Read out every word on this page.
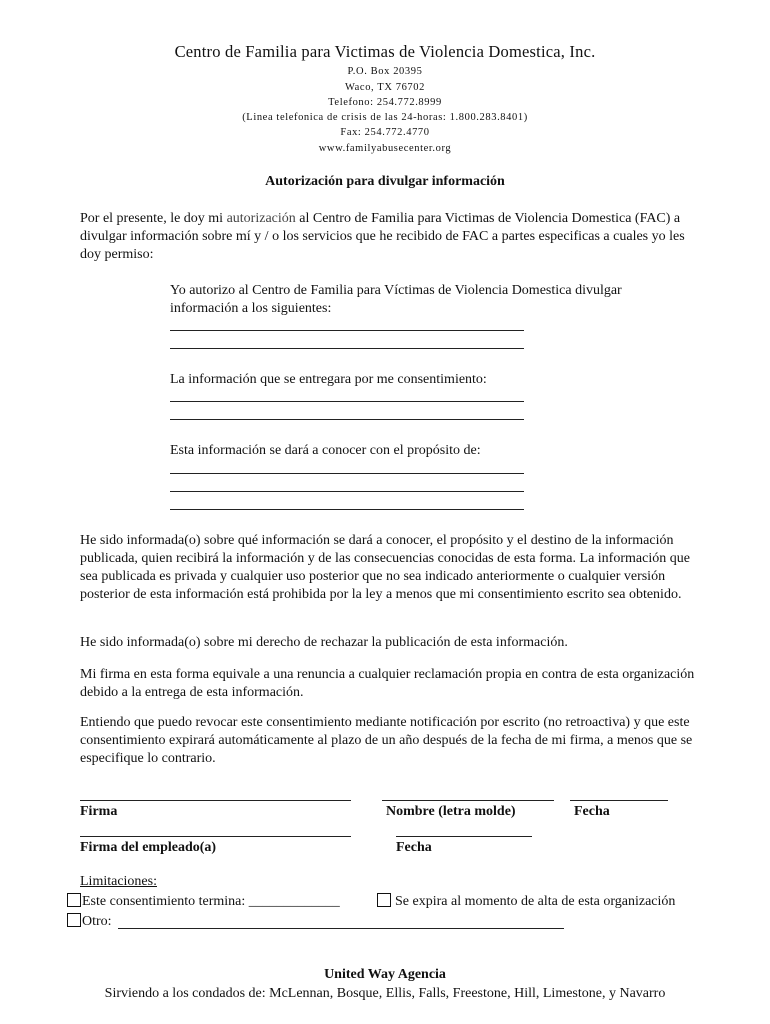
Centro de Familia para Victimas de Violencia Domestica, Inc.
P.O. Box 20395
Waco, TX 76702
Telefono: 254.772.8999
(Linea telefonica de crisis de las 24-horas: 1.800.283.8401)
Fax: 254.772.4770
www.familyabusecenter.org
Autorización para divulgar información
Por el presente, le doy mi autorización al Centro de Familia para Victimas de Violencia Domestica (FAC) a divulgar información sobre mí y / o los servicios que he recibido de FAC a partes especificas a cuales yo les doy permiso:
Yo autorizo al Centro de Familia para Víctimas de Violencia Domestica divulgar información a los siguientes:
La información que se entregara por me consentimiento:
Esta información se dará a conocer con el propósito de:
He sido informada(o) sobre qué información se dará a conocer, el propósito y el destino de la información publicada, quien recibirá la información y de las consecuencias conocidas de esta forma. La información que sea publicada es privada y cualquier uso posterior que no sea indicado anteriormente o cualquier versión posterior de esta información está prohibida por la ley a menos que mi consentimiento escrito sea obtenido.
He sido informada(o) sobre mi derecho de rechazar la publicación de esta información.
Mi firma en esta forma equivale a una renuncia a cualquier reclamación propia en contra de esta organización debido a la entrega de esta información.
Entiendo que puedo revocar este consentimiento mediante notificación por escrito (no retroactiva) y que este consentimiento expirará automáticamente al plazo de un año después de la fecha de mi firma, a menos que se especifique lo contrario.
Firma	Nombre (letra molde)	Fecha
Firma del empleado(a)	Fecha
Limitaciones:
Este consentimiento termina: _____________	Se expira al momento de alta de esta organización
Otro:
United Way Agencia
Sirviendo a los condados de: McLennan, Bosque, Ellis, Falls, Freestone, Hill, Limestone, y Navarro
